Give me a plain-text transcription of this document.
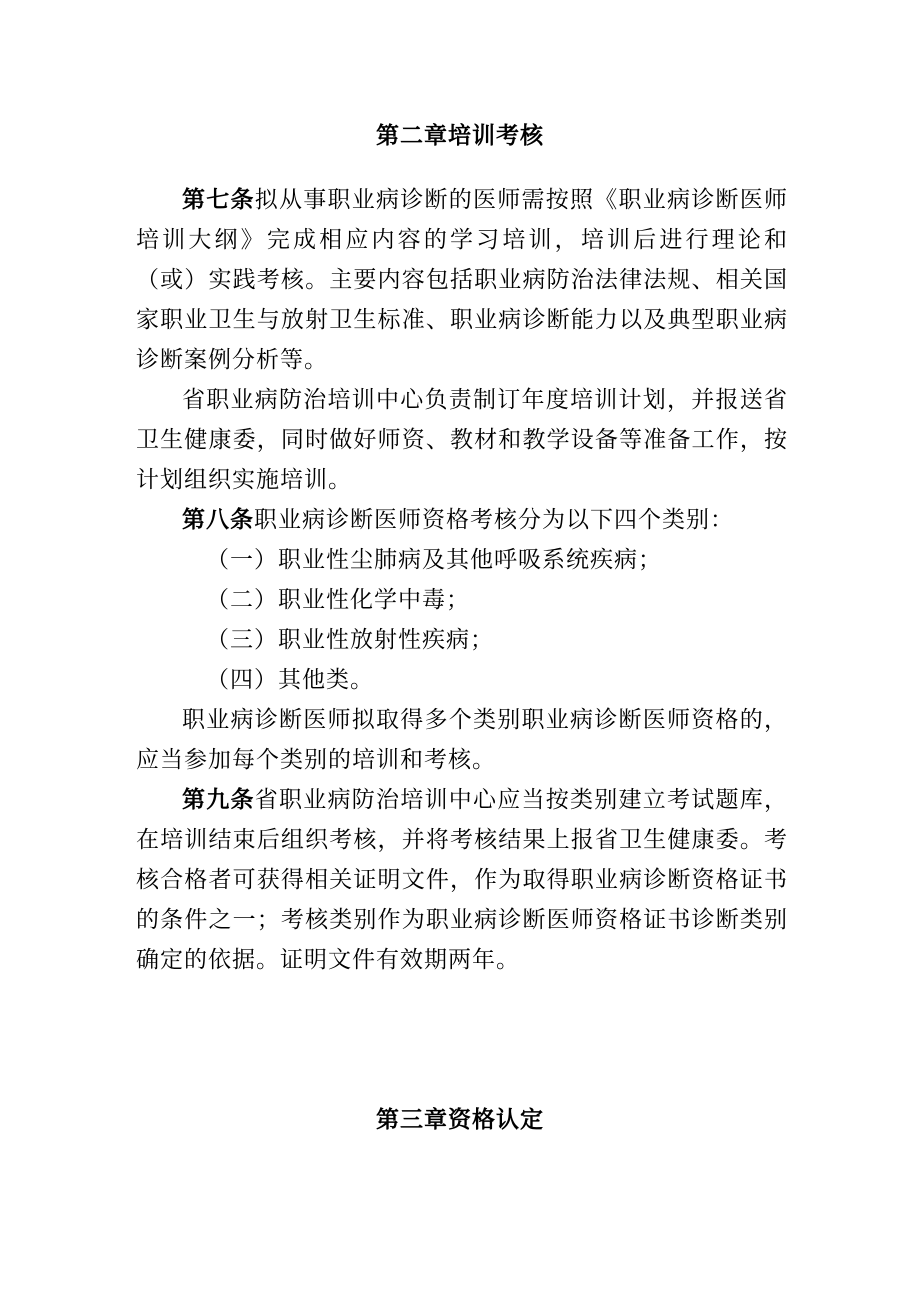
第二章培训考核

第七条拟从事职业病诊断的医师需按照《职业病诊断医师培训大纲》完成相应内容的学习培训，培训后进行理论和（或）实践考核。主要内容包括职业病防治法律法规、相关国家职业卫生与放射卫生标准、职业病诊断能力以及典型职业病诊断案例分析等。

省职业病防治培训中心负责制订年度培训计划，并报送省卫生健康委，同时做好师资、教材和教学设备等准备工作，按计划组织实施培训。

第八条职业病诊断医师资格考核分为以下四个类别：

（一）职业性尘肺病及其他呼吸系统疾病；

（二）职业性化学中毒；

（三）职业性放射性疾病；

（四）其他类。

职业病诊断医师拟取得多个类别职业病诊断医师资格的，应当参加每个类别的培训和考核。

第九条省职业病防治培训中心应当按类别建立考试题库，在培训结束后组织考核，并将考核结果上报省卫生健康委。考核合格者可获得相关证明文件，作为取得职业病诊断资格证书的条件之一；考核类别作为职业病诊断医师资格证书诊断类别确定的依据。证明文件有效期两年。

第三章资格认定
